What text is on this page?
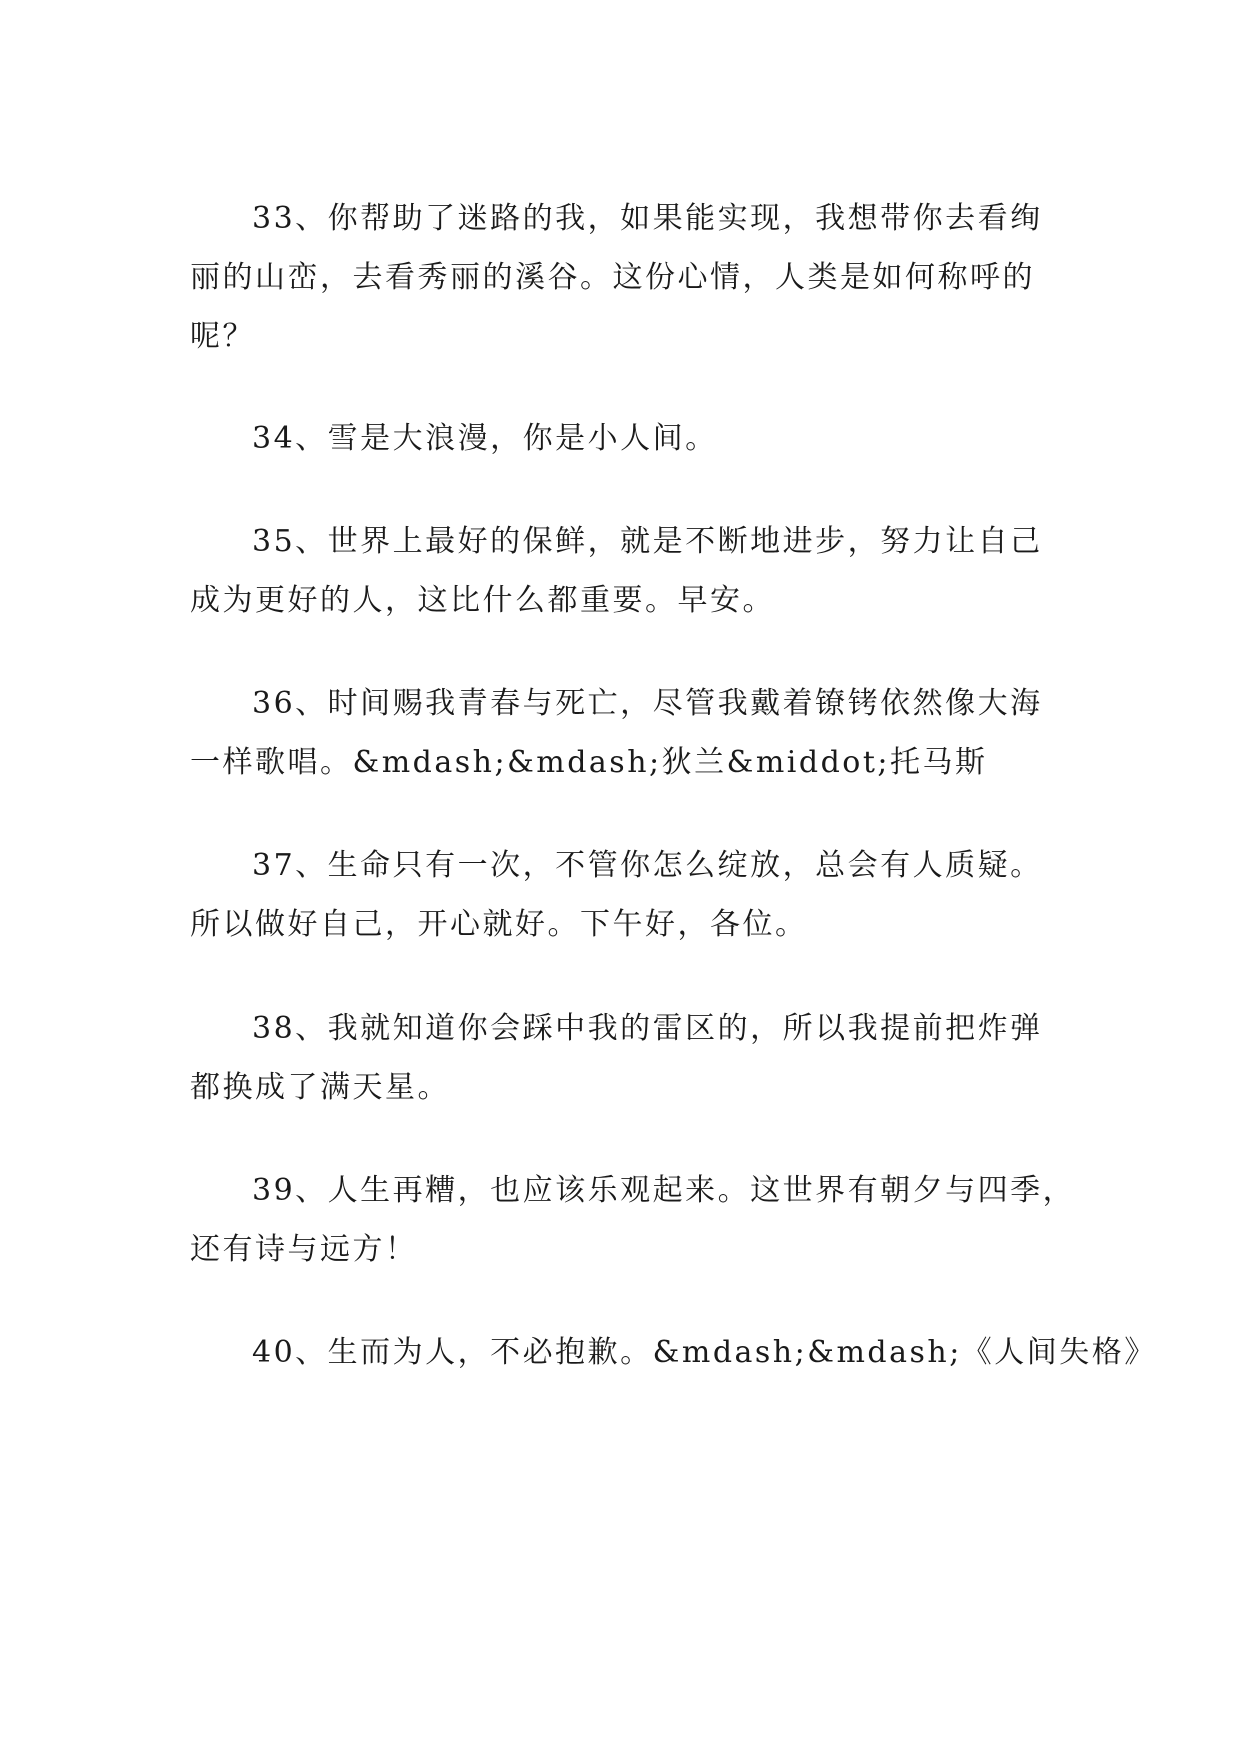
33、你帮助了迷路的我，如果能实现，我想带你去看绚
丽的山峦，去看秀丽的溪谷。这份心情，人类是如何称呼的
呢？
34、雪是大浪漫，你是小人间。
35、世界上最好的保鲜，就是不断地进步，努力让自己
成为更好的人，这比什么都重要。早安。
36、时间赐我青春与死亡，尽管我戴着镣铐依然像大海
一样歌唱。&mdash;&mdash;狄兰&middot;托马斯
37、生命只有一次，不管你怎么绽放，总会有人质疑。
所以做好自己，开心就好。下午好，各位。
38、我就知道你会踩中我的雷区的，所以我提前把炸弹
都换成了满天星。
39、人生再糟，也应该乐观起来。这世界有朝夕与四季，
还有诗与远方！
40、生而为人，不必抱歉。&mdash;&mdash;《人间失格》
